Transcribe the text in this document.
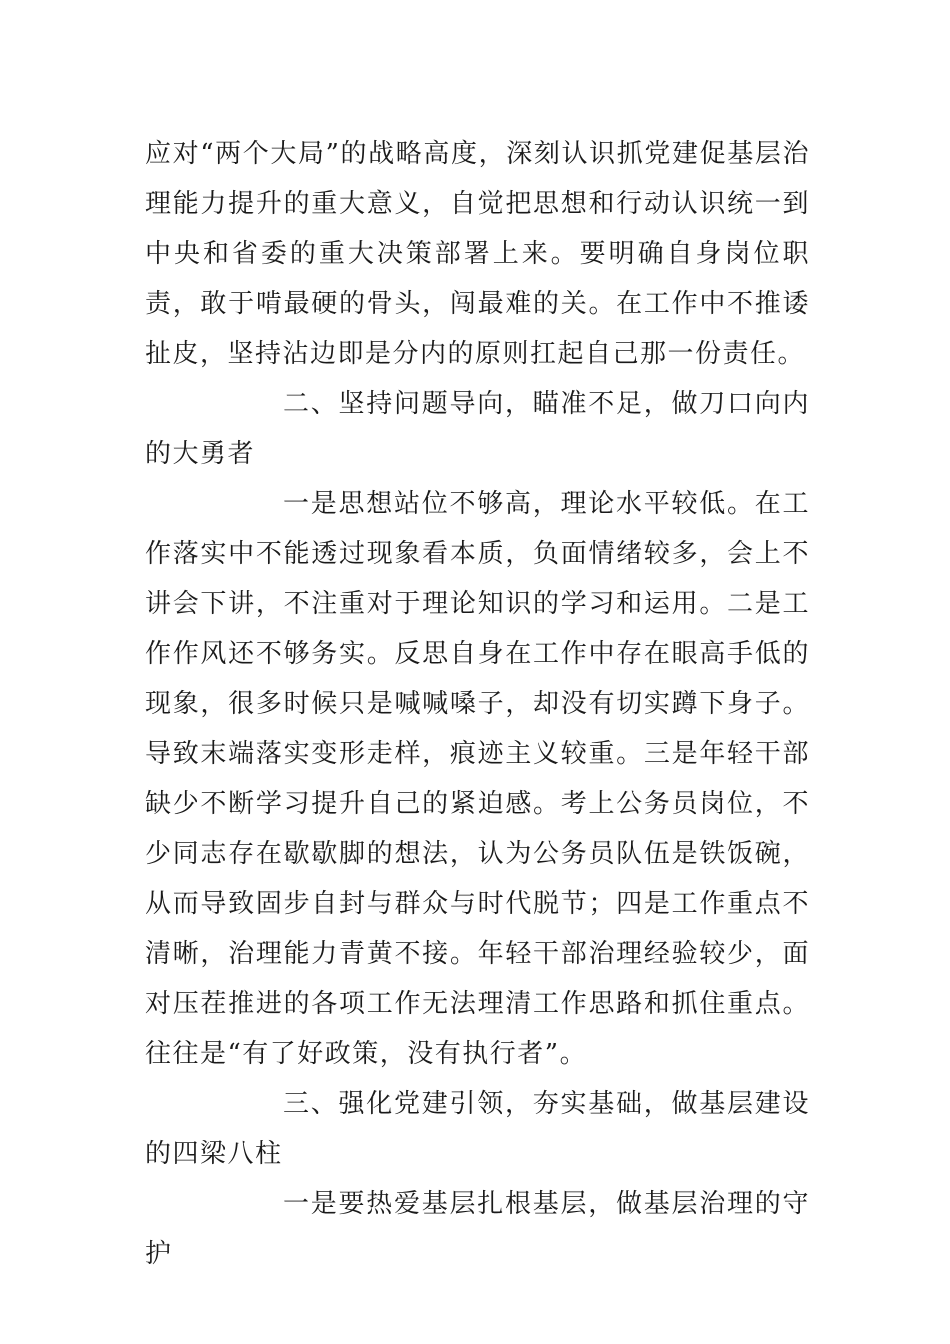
应对“两个大局”的战略高度，深刻认识抓党建促基层治理能力提升的重大意义，自觉把思想和行动认识统一到中央和省委的重大决策部署上来。要明确自身岗位职责，敢于啃最硬的骨头，闯最难的关。在工作中不推诿扯皮，坚持沾边即是分内的原则扛起自己那一份责任。

二、坚持问题导向，瞄准不足，做刀口向内的大勇者

一是思想站位不够高，理论水平较低。在工作落实中不能透过现象看本质，负面情绪较多，会上不讲会下讲，不注重对于理论知识的学习和运用。二是工作作风还不够务实。反思自身在工作中存在眼高手低的现象，很多时候只是喊喊嗓子，却没有切实蹲下身子。导致末端落实变形走样，痕迹主义较重。三是年轻干部缺少不断学习提升自己的紧迫感。考上公务员岗位，不少同志存在歇歇脚的想法，认为公务员队伍是铁饭碗，从而导致固步自封与群众与时代脱节；四是工作重点不清晰，治理能力青黄不接。年轻干部治理经验较少，面对压茬推进的各项工作无法理清工作思路和抓住重点。往往是“有了好政策，没有执行者”。

三、强化党建引领，夯实基础，做基层建设的四梁八柱

一是要热爱基层扎根基层，做基层治理的守护
